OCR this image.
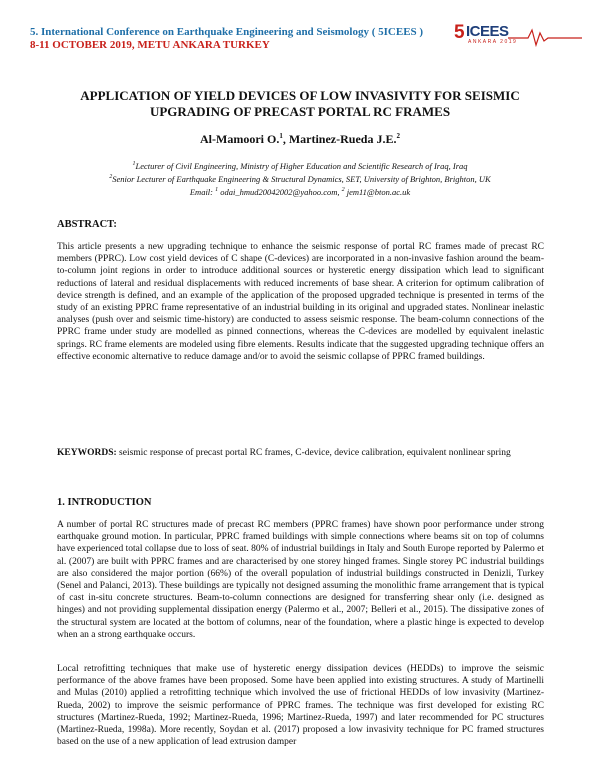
5. International Conference on Earthquake Engineering and Seismology ( 5ICEES )
8-11 OCTOBER 2019, METU ANKARA TURKEY
5 ICEES
ANKARA 2019
APPLICATION OF YIELD DEVICES OF LOW INVASIVITY FOR SEISMIC
UPGRADING OF PRECAST PORTAL RC FRAMES
Al-Mamoori O.$^1$, Martinez-Rueda J.E.$^2$
$^1$Lecturer of Civil Engineering, Ministry of Higher Education and Scientific Research of Iraq, Iraq
$^2$Senior Lecturer of Earthquake Engineering & Structural Dynamics, SET, University of Brighton, Brighton, UK
Email: $^1$ odai_hmud20042002@yahoo.com, $^2$ jem11@bton.ac.uk
ABSTRACT:

This article presents a new upgrading technique to enhance the seismic response of portal RC frames made of precast RC members (PPRC). Low cost yield devices of C shape (C-devices) are incorporated in a non-invasive fashion around the beam-to-column joint regions in order to introduce additional sources or hysteretic energy dissipation which lead to significant reductions of lateral and residual displacements with reduced increments of base shear. A criterion for optimum calibration of device strength is defined, and an example of the application of the proposed upgraded technique is presented in terms of the study of an existing PPRC frame representative of an industrial building in its original and upgraded states. Nonlinear inelastic analyses (push over and seismic time-history) are conducted to assess seismic response. The beam-column connections of the PPRC frame under study are modelled as pinned connections, whereas the C-devices are modelled by equivalent inelastic springs. RC frame elements are modeled using fibre elements. Results indicate that the suggested upgrading technique offers an effective economic alternative to reduce damage and/or to avoid the seismic collapse of PPRC framed buildings.

KEYWORDS: seismic response of precast portal RC frames, C-device, device calibration, equivalent nonlinear spring
1. INTRODUCTION

A number of portal RC structures made of precast RC members (PPRC frames) have shown poor performance under strong earthquake ground motion. In particular, PPRC framed buildings with simple connections where beams sit on top of columns have experienced total collapse due to loss of seat. 80% of industrial buildings in Italy and South Europe reported by Palermo et al. (2007) are built with PPRC frames and are characterised by one storey hinged frames. Single storey PC industrial buildings are also considered the major portion (66%) of the overall population of industrial buildings constructed in Denizli, Turkey (Senel and Palanci, 2013). These buildings are typically not designed assuming the monolithic frame arrangement that is typical of cast in-situ concrete structures. Beam-to-column connections are designed for transferring shear only (i.e. designed as hinges) and not providing supplemental dissipation energy (Palermo et al., 2007; Belleri et al., 2015). The dissipative zones of the structural system are located at the bottom of columns, near of the foundation, where a plastic hinge is expected to develop when an a strong earthquake occurs.

Local retrofitting techniques that make use of hysteretic energy dissipation devices (HEDDs) to improve the seismic performance of the above frames have been proposed. Some have been applied into existing structures. A study of Martinelli and Mulas (2010) applied a retrofitting technique which involved the use of frictional HEDDs of low invasivity (Martinez-Rueda, 2002) to improve the seismic performance of PPRC frames. The technique was first developed for existing RC structures (Martinez-Rueda, 1992; Martinez-Rueda, 1996; Martinez-Rueda, 1997) and later recommended for PC structures (Martinez-Rueda, 1998a). More recently, Soydan et al. (2017) proposed a low invasivity technique for PC framed structures based on the use of a new application of lead extrusion damper
